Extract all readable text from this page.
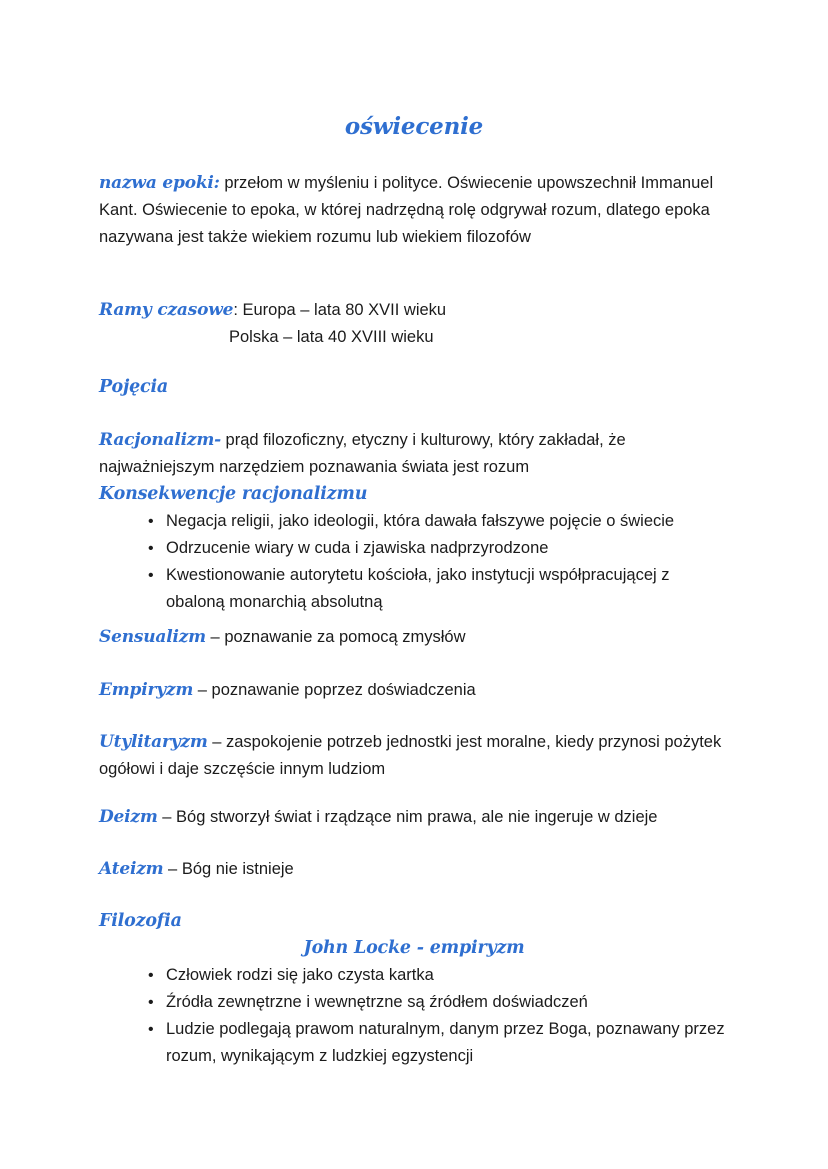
oświecenie

nazwa epoki: przełom w myśleniu i polityce. Oświecenie upowszechnił Immanuel Kant. Oświecenie to epoka, w której nadrzędną rolę odgrywał rozum, dlatego epoka nazywana jest także wiekiem rozumu lub wiekiem filozofów

Ramy czasowe: Europa – lata 80 XVII wieku

Polska – lata 40 XVIII wieku

Pojęcia

Racjonalizm- prąd filozoficzny, etyczny i kulturowy, który zakładał, że najważniejszym narzędziem poznawania świata jest rozum

Konsekwencje racjonalizmu

• Negacja religii, jako ideologii, która dawała fałszywe pojęcie o świecie
• Odrzucenie wiary w cuda i zjawiska nadprzyrodzone
• Kwestionowanie autorytetu kościoła, jako instytucji współpracującej z obaloną monarchią absolutną

Sensualizm – poznawanie za pomocą zmysłów

Empiryzm – poznawanie poprzez doświadczenia

Utylitaryzm – zaspokojenie potrzeb jednostki jest moralne, kiedy przynosi pożytek ogółowi i daje szczęście innym ludziom

Deizm – Bóg stworzył świat i rządzące nim prawa, ale nie ingeruje w dzieje

Ateizm – Bóg nie istnieje

Filozofia

John Locke - empiryzm

• Człowiek rodzi się jako czysta kartka
• Źródła zewnętrzne i wewnętrzne są źródłem doświadczeń
• Ludzie podlegają prawom naturalnym, danym przez Boga, poznawany przez rozum, wynikającym z ludzkiej egzystencji
